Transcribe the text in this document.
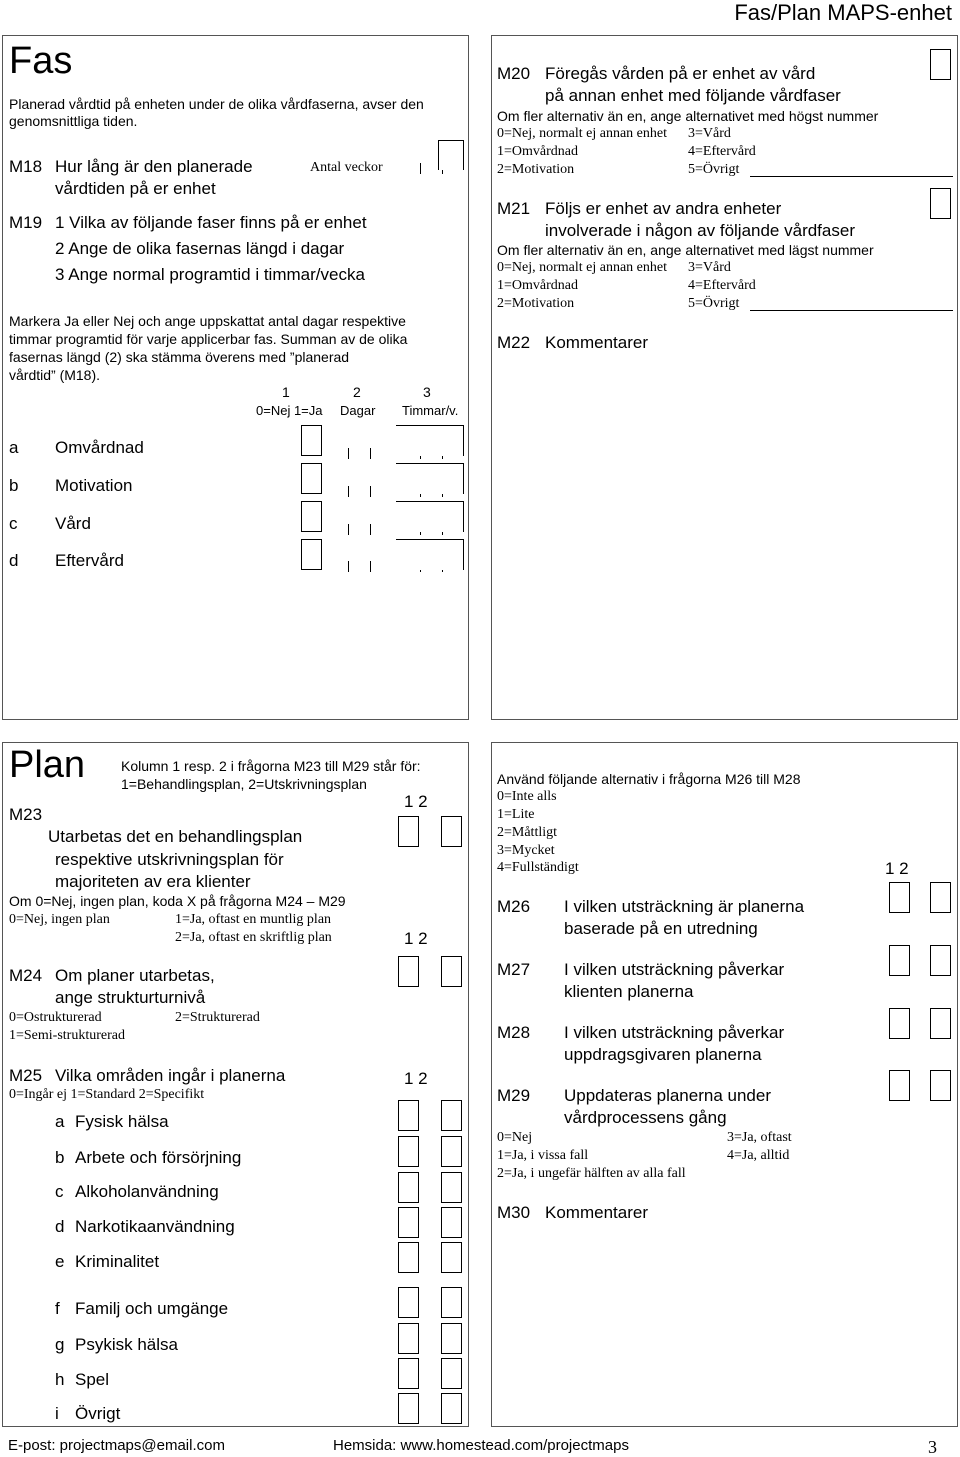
Fas/Plan MAPS-enhet
Fas
Planerad vårdtid på enheten under de olika vårdfaserna, avser den
genomsnittliga tiden.
M18 Hur lång är den planerade
vårdtiden på er enhet
Antal veckor
M19 1 Vilka av följande faser finns på er enhet
2 Ange de olika fasernas längd i dagar
3 Ange normal programtid i timmar/vecka
Markera Ja eller Nej och ange uppskattat antal dagar respektive
timmar programtid för varje applicerbar fas. Summan av de olika
fasernas längd (2) ska stämma överens med ”planerad
vårdtid” (M18).
1	2	3
0=Nej 1=Ja Dagar Timmar/v.
a Omvårdnad
b Motivation
c Vård
d Eftervård
M20 Föregås vården på er enhet av vård
på annan enhet med följande vårdfaser
Om fler alternativ än en, ange alternativet med högst nummer
0=Nej, normalt ej annan enhet 3=Vård
1=Omvårdnad	4=Eftervård
2=Motivation	5=Övrigt
M21 Följs er enhet av andra enheter
involverade i någon av följande vårdfaser
Om fler alternativ än en, ange alternativet med lägst nummer
0=Nej, normalt ej annan enhet 3=Vård
1=Omvårdnad	4=Eftervård
2=Motivation	5=Övrigt
M22 Kommentarer
Plan	Kolumn 1 resp. 2 i frågorna M23 till M29 står för:
1=Behandlingsplan, 2=Utskrivningsplan
1 2
M23
Utarbetas det en behandlingsplan
respektive utskrivningsplan för
majoriteten av era klienter
Om 0=Nej, ingen plan, koda X på frågorna M24 – M29
0=Nej, ingen plan	1=Ja, oftast en muntlig plan
2=Ja, oftast en skriftlig plan	1 2
M24 Om planer utarbetas,
ange strukturturnivå
0=Ostrukturerad	2=Strukturerad
1=Semi-strukturerad
M25 Vilka områden ingår i planerna
0=Ingår ej 1=Standard 2=Specifikt
1 2
a Fysisk hälsa
b Arbete och försörjning
c Alkoholanvändning
d Narkotikaanvändning
e Kriminalitet
f Familj och umgänge
g Psykisk hälsa
h Spel
i Övrigt
Använd följande alternativ i frågorna M26 till M28
0=Inte alls
1=Lite
2=Måttligt
3=Mycket
4=Fullständigt	1 2
M26 I vilken utsträckning är planerna
baserade på en utredning
M27 I vilken utsträckning påverkar
klienten planerna
M28 I vilken utsträckning påverkar
uppdragsgivaren planerna
M29 Uppdateras planerna under
vårdprocessens gång
0=Nej	3=Ja, oftast
1=Ja, i vissa fall	4=Ja, alltid
2=Ja, i ungefär hälften av alla fall
M30 Kommentarer
E-post: projectmaps@email.com	Hemsida: www.homestead.com/projectmaps	3
